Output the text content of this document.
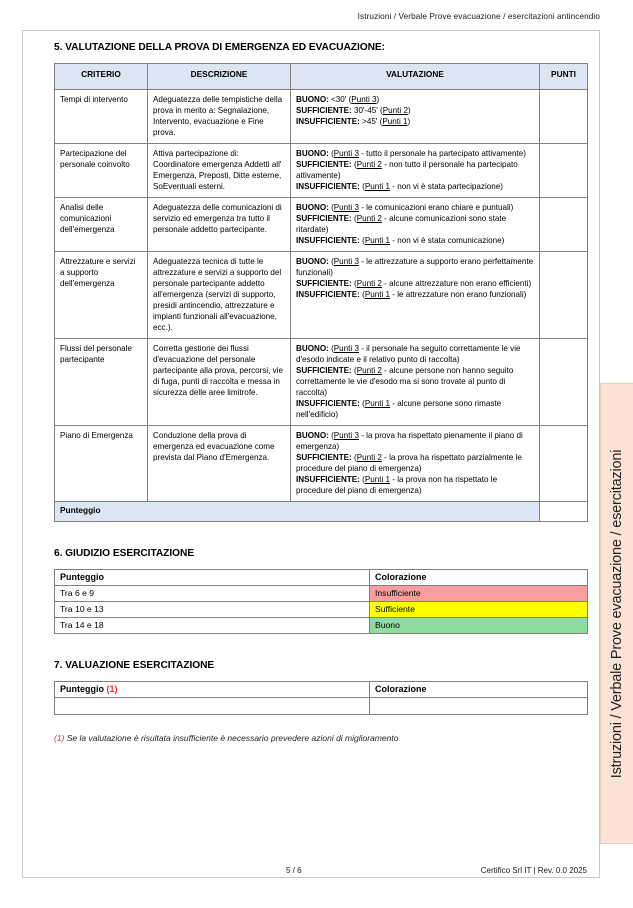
Istruzioni / Verbale Prove evacuazione / esercitazioni antincendio
5. VALUTAZIONE DELLA PROVA DI EMERGENZA ED EVACUAZIONE:
CRITERIO	DESCRIZIONE	VALUTAZIONE	PUNTI
Tempi di intervento	Adeguatezza delle tempistiche della prova in merito a: Segnalazione, Intervento, evacuazione e Fine prova.	BUONO: <30' (Punti 3)
SUFFICIENTE: 30'-45' (Punti 2)
INSUFFICIENTE: >45' (Punti 1)	
Partecipazione del personale coinvolto	Attiva partecipazione di: Coordinatore emergenza Addetti all' Emergenza, Preposti, Ditte esterne, SoEventuali esterni.	BUONO: (Punti 3 - tutto il personale ha partecipato attivamente)
SUFFICIENTE: (Punti 2 - non tutto il personale ha partecipato attivamente)
INSUFFICIENTE: (Punti 1 - non vi è stata partecipazione)	
Analisi delle comunicazioni dell'emergenza	Adeguatezza delle comunicazioni di servizio ed emergenza tra tutto il personale addetto partecipante.	BUONO: (Punti 3 - le comunicazioni erano chiare e puntuali)
SUFFICIENTE: (Punti 2 - alcune comunicazioni sono state ritardate)
INSUFFICIENTE: (Punti 1 - non vi è stata comunicazione)	
Attrezzature e servizi a supporto dell'emergenza	Adeguatezza tecnica di tutte le attrezzature e servizi a supporto del personale partecipante addetto all'emergenza (servizi di supporto, presidi antincendio, attrezzature e impianti funzionali all'evacuazione, ecc.).	BUONO: (Punti 3 - le attrezzature a supporto erano perfettamente funzionali)
SUFFICIENTE: (Punti 2 - alcune attrezzature non erano efficienti)
INSUFFICIENTE: (Punti 1 - le attrezzature non erano funzionali)	
Flussi del personale partecipante	Corretta gestione dei flussi d'evacuazione del personale partecipante alla prova, percorsi, vie di fuga, punti di raccolta e messa in sicurezza delle aree limitrofe.	BUONO: (Punti 3 - il personale ha seguito correttamente le vie d'esodo indicate e il relativo punto di raccolta)
SUFFICIENTE: (Punti 2 - alcune persone non hanno seguito correttamente le vie d'esodo ma si sono trovate al punto di raccolta)
INSUFFICIENTE: (Punti 1 - alcune persone sono rimaste nell'edificio)	
Piano di Emergenza	Conduzione della prova di emergenza ed evacuazione come prevista dal Piano d'Emergenza.	BUONO: (Punti 3 - la prova ha rispettato pienamente il piano di emergenza)
SUFFICIENTE: (Punti 2 - la prova ha rispettato parzialmente le procedure del piano di emergenza)
INSUFFICIENTE: (Punti 1 - la prova non ha rispettato le procedure del piano di emergenza)	
Punteggio			
6. GIUDIZIO ESERCITAZIONE
Punteggio	Colorazione
Tra 6 e 9	Insufficiente
Tra 10 e 13	Sufficiente
Tra 14 e 18	Buono
7. VALUAZIONE ESERCITAZIONE
Punteggio (1)	Colorazione

(1) Se la valutazione è risultata insufficiente è necessario prevedere azioni di miglioramento
5 / 6	Certifico Srl IT | Rev. 0.0 2025
Istruzioni / Verbale Prove evacuazione / esercitazioni
